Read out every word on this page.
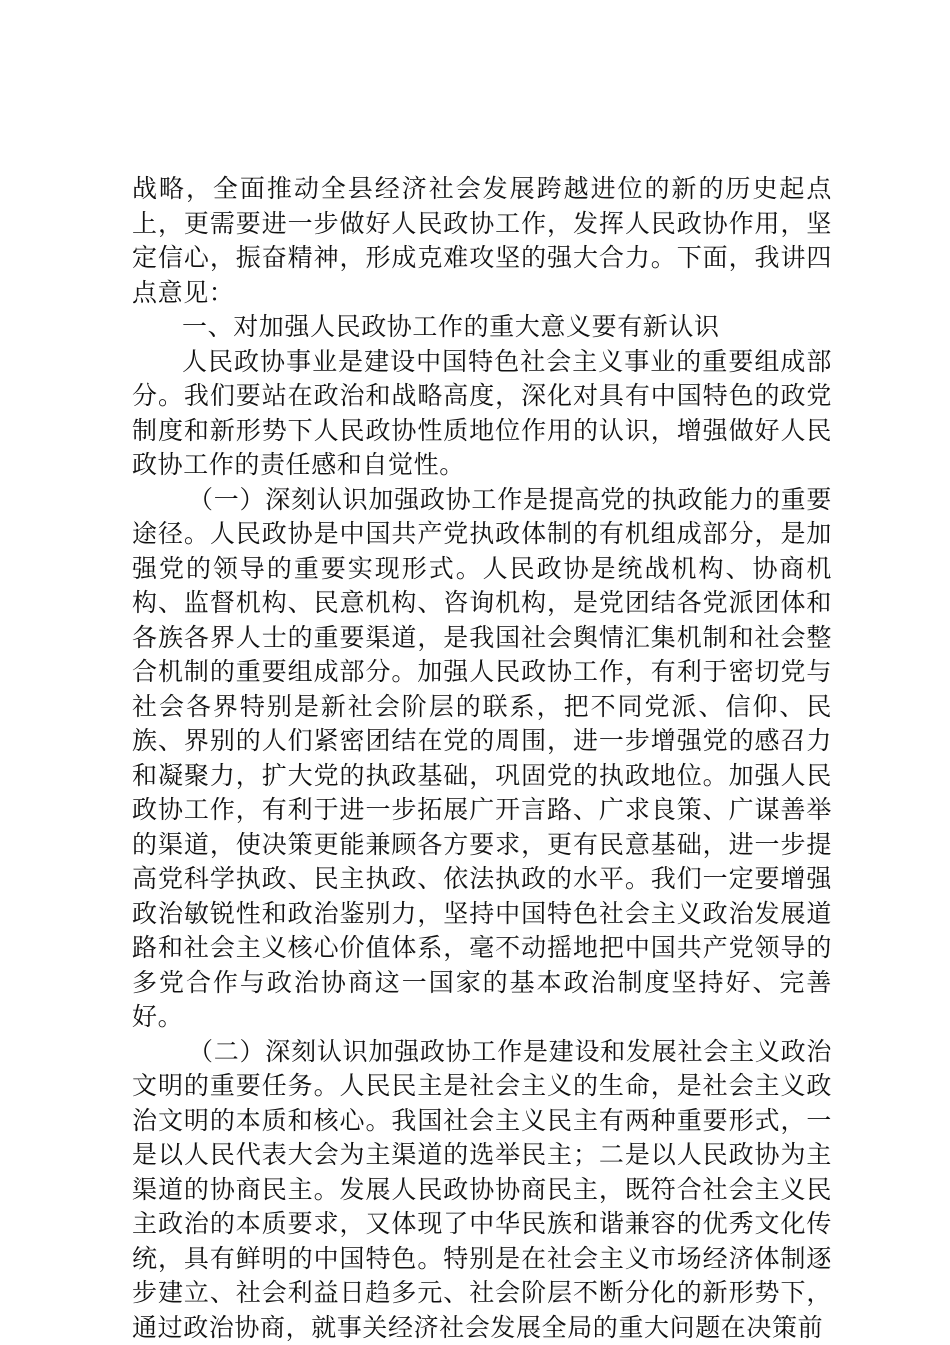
战略，全面推动全县经济社会发展跨越进位的新的历史起点上，更需要进一步做好人民政协工作，发挥人民政协作用，坚定信心，振奋精神，形成克难攻坚的强大合力。下面，我讲四点意见：

一、对加强人民政协工作的重大意义要有新认识

人民政协事业是建设中国特色社会主义事业的重要组成部分。我们要站在政治和战略高度，深化对具有中国特色的政党制度和新形势下人民政协性质地位作用的认识，增强做好人民政协工作的责任感和自觉性。

（一）深刻认识加强政协工作是提高党的执政能力的重要途径。人民政协是中国共产党执政体制的有机组成部分，是加强党的领导的重要实现形式。人民政协是统战机构、协商机构、监督机构、民意机构、咨询机构，是党团结各党派团体和各族各界人士的重要渠道，是我国社会舆情汇集机制和社会整合机制的重要组成部分。加强人民政协工作，有利于密切党与社会各界特别是新社会阶层的联系，把不同党派、信仰、民族、界别的人们紧密团结在党的周围，进一步增强党的感召力和凝聚力，扩大党的执政基础，巩固党的执政地位。加强人民政协工作，有利于进一步拓展广开言路、广求良策、广谋善举的渠道，使决策更能兼顾各方要求，更有民意基础，进一步提高党科学执政、民主执政、依法执政的水平。我们一定要增强政治敏锐性和政治鉴别力，坚持中国特色社会主义政治发展道路和社会主义核心价值体系，毫不动摇地把中国共产党领导的多党合作与政治协商这一国家的基本政治制度坚持好、完善好。

（二）深刻认识加强政协工作是建设和发展社会主义政治文明的重要任务。人民民主是社会主义的生命，是社会主义政治文明的本质和核心。我国社会主义民主有两种重要形式，一是以人民代表大会为主渠道的选举民主；二是以人民政协为主渠道的协商民主。发展人民政协协商民主，既符合社会主义民主政治的本质要求，又体现了中华民族和谐兼容的优秀文化传统，具有鲜明的中国特色。特别是在社会主义市场经济体制逐步建立、社会利益日趋多元、社会阶层不断分化的新形势下，通过政治协商，就事关经济社会发展全局的重大问题在决策前
